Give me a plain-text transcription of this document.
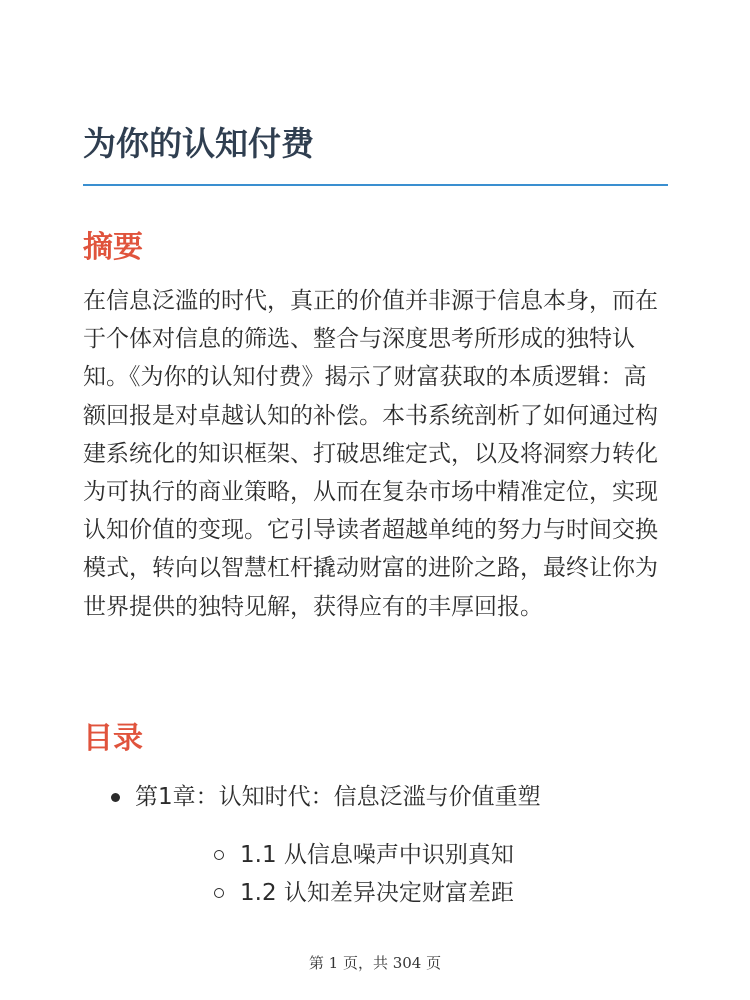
为你的认知付费
摘要

在信息泛滥的时代，真正的价值并非源于信息本身，而在于个体对信息的筛选、整合与深度思考所形成的独特认知。《为你的认知付费》揭示了财富获取的本质逻辑：高额回报是对卓越认知的补偿。本书系统剖析了如何通过构建系统化的知识框架、打破思维定式，以及将洞察力转化为可执行的商业策略，从而在复杂市场中精准定位，实现认知价值的变现。它引导读者超越单纯的努力与时间交换模式，转向以智慧杠杆撬动财富的进阶之路，最终让你为世界提供的独特见解，获得应有的丰厚回报。

目录
第1章：认知时代：信息泛滥与价值重塑
1.1 从信息噪声中识别真知
1.2 认知差异决定财富差距
第 1 页，共 304 页
